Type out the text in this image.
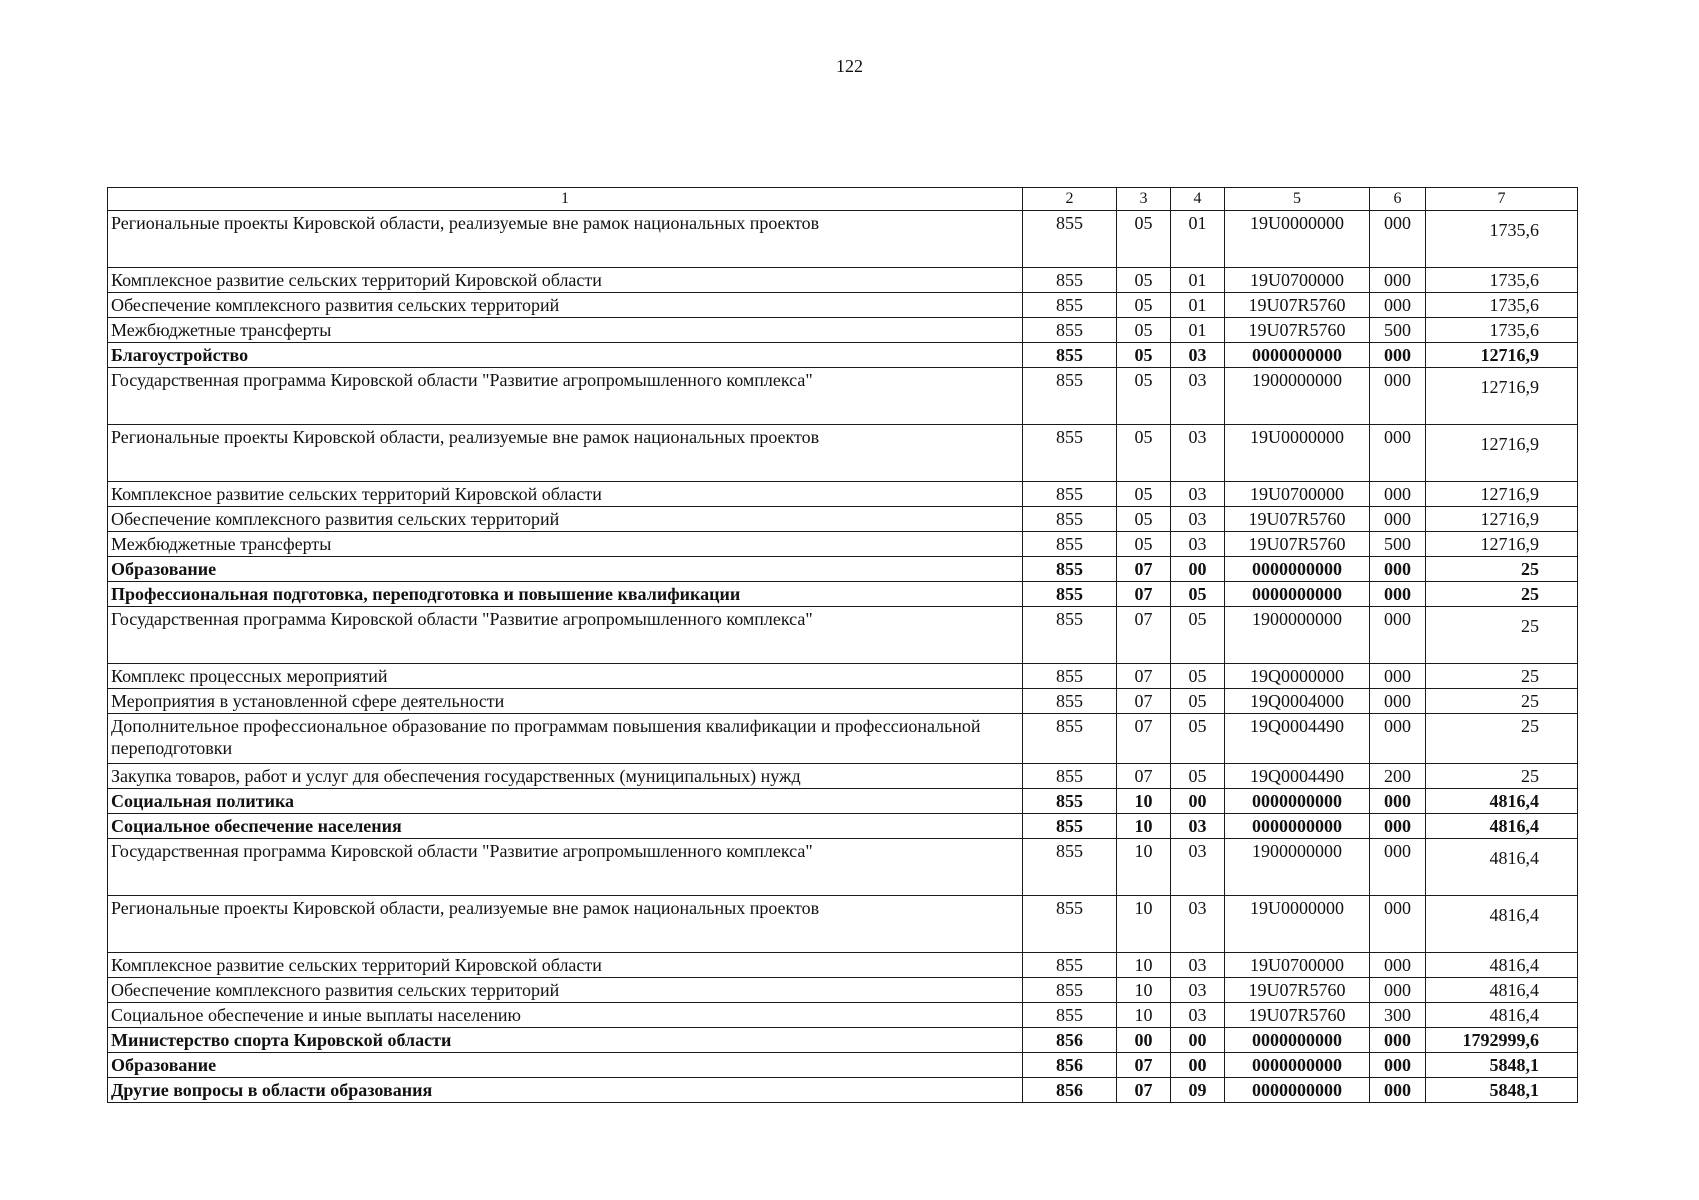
122
1	2	3	4	5	6	7
Региональные проекты Кировской области, реализуемые вне рамок национальных проектов	855	05	01	19U0000000	000	1735,6
Комплексное развитие сельских территорий Кировской области	855	05	01	19U0700000	000	1735,6
Обеспечение комплексного развития сельских территорий	855	05	01	19U07R5760	000	1735,6
Межбюджетные трансферты	855	05	01	19U07R5760	500	1735,6
Благоустройство	855	05	03	0000000000	000	12716,9
Государственная программа Кировской области "Развитие агропромышленного комплекса"	855	05	03	1900000000	000	12716,9
Региональные проекты Кировской области, реализуемые вне рамок национальных проектов	855	05	03	19U0000000	000	12716,9
Комплексное развитие сельских территорий Кировской области	855	05	03	19U0700000	000	12716,9
Обеспечение комплексного развития сельских территорий	855	05	03	19U07R5760	000	12716,9
Межбюджетные трансферты	855	05	03	19U07R5760	500	12716,9
Образование	855	07	00	0000000000	000	25
Профессиональная подготовка, переподготовка и повышение квалификации	855	07	05	0000000000	000	25
Государственная программа Кировской области "Развитие агропромышленного комплекса"	855	07	05	1900000000	000	25
Комплекс процессных мероприятий	855	07	05	19Q0000000	000	25
Мероприятия в установленной сфере деятельности	855	07	05	19Q0004000	000	25
Дополнительное профессиональное образование по программам повышения квалификации и профессиональной переподготовки	855	07	05	19Q0004490	000	25
Закупка товаров, работ и услуг для обеспечения государственных (муниципальных) нужд	855	07	05	19Q0004490	200	25
Социальная политика	855	10	00	0000000000	000	4816,4
Социальное обеспечение населения	855	10	03	0000000000	000	4816,4
Государственная программа Кировской области "Развитие агропромышленного комплекса"	855	10	03	1900000000	000	4816,4
Региональные проекты Кировской области, реализуемые вне рамок национальных проектов	855	10	03	19U0000000	000	4816,4
Комплексное развитие сельских территорий Кировской области	855	10	03	19U0700000	000	4816,4
Обеспечение комплексного развития сельских территорий	855	10	03	19U07R5760	000	4816,4
Социальное обеспечение и иные выплаты населению	855	10	03	19U07R5760	300	4816,4
Министерство спорта Кировской области	856	00	00	0000000000	000	1792999,6
Образование	856	07	00	0000000000	000	5848,1
Другие вопросы в области образования	856	07	09	0000000000	000	5848,1
